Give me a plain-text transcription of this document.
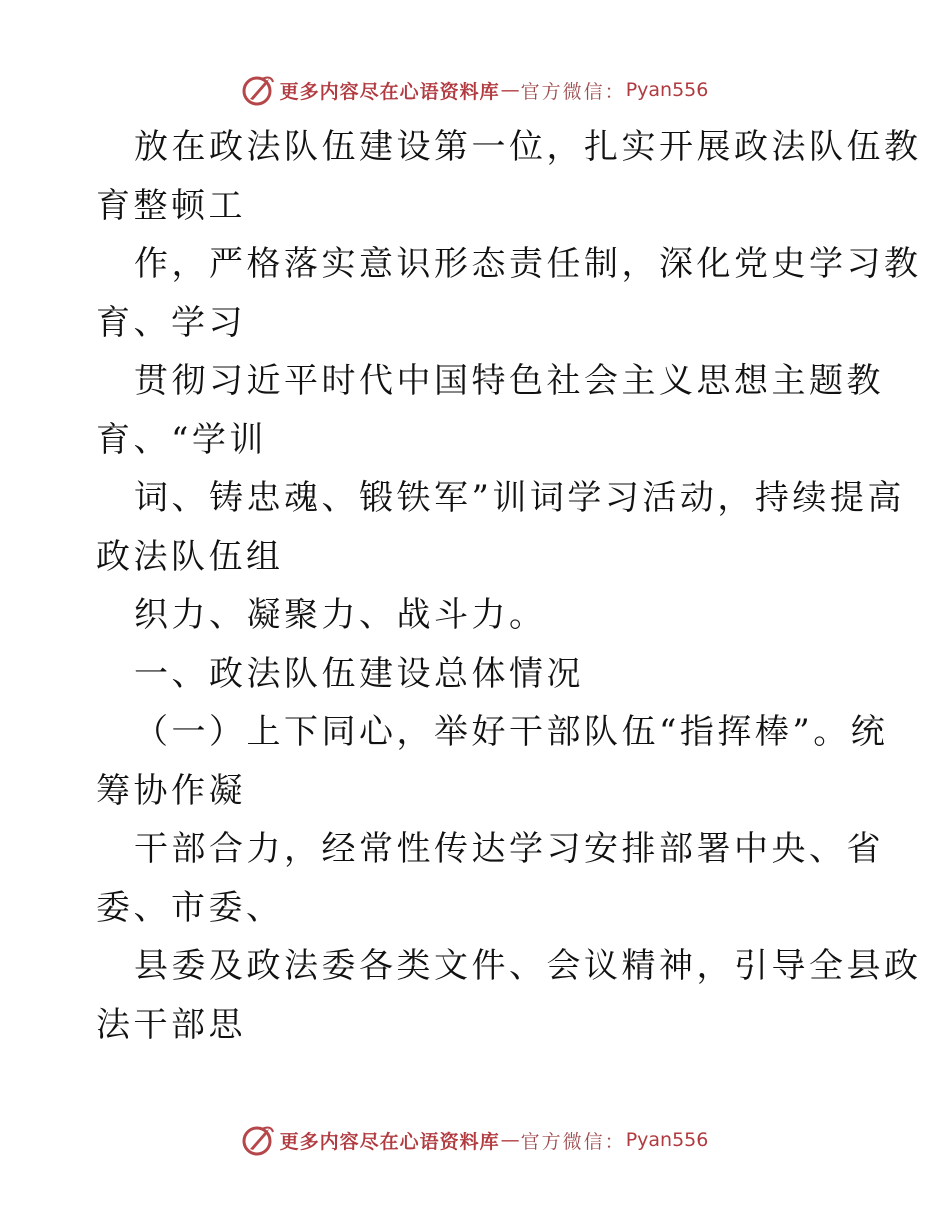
更多内容尽在心语资料库 — 官方微信： Pyan556
放在政法队伍建设第一位，扎实开展政法队伍教
育整顿工
作，严格落实意识形态责任制，深化党史学习教
育、学习
贯彻习近平时代中国特色社会主义思想主题教
育、“学训
词、铸忠魂、锻铁军”训词学习活动，持续提高
政法队伍组
织力、凝聚力、战斗力。
一、政法队伍建设总体情况
（一）上下同心，举好干部队伍“指挥棒”。统
筹协作凝
干部合力，经常性传达学习安排部署中央、省
委、市委、
县委及政法委各类文件、会议精神，引导全县政
法干部思
更多内容尽在心语资料库 — 官方微信： Pyan556
